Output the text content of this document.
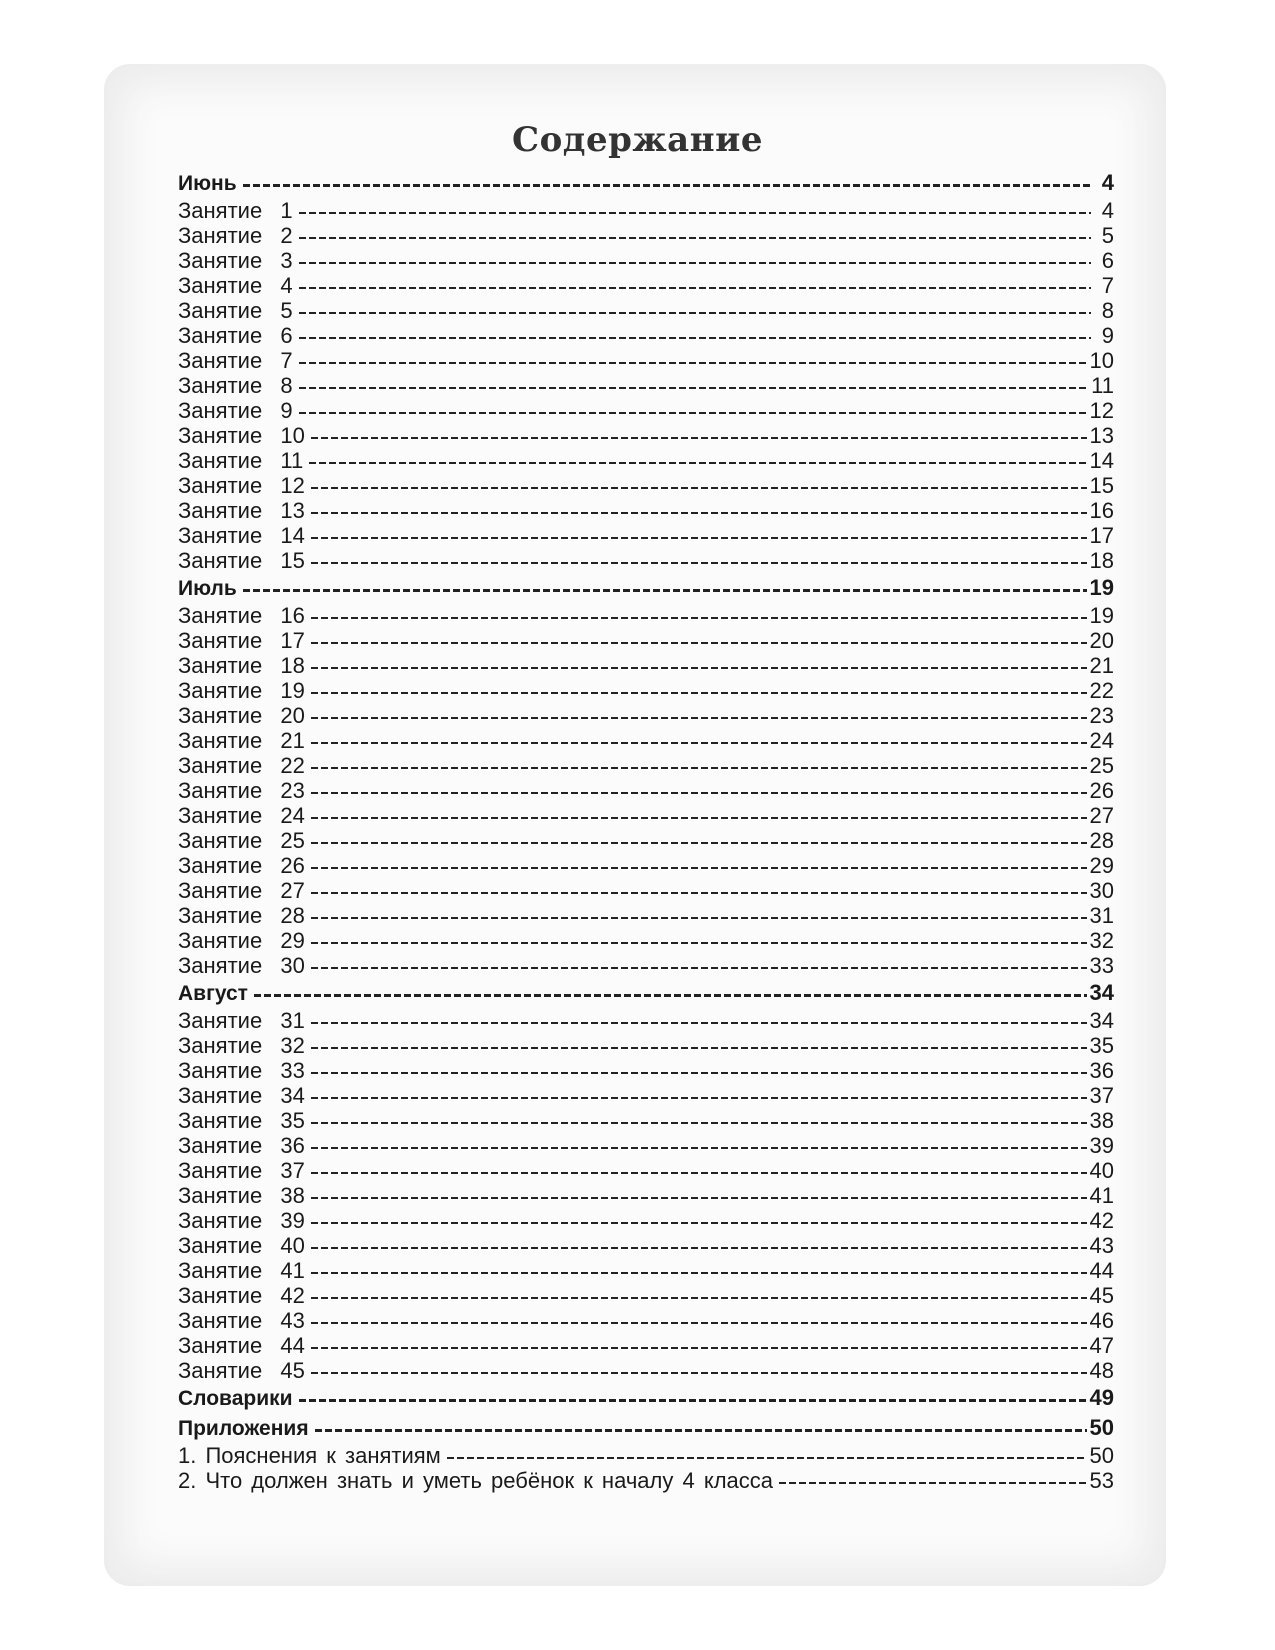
Содержание
Июнь	4
Занятие  1	4
Занятие  2	5
Занятие  3	6
Занятие  4	7
Занятие  5	8
Занятие  6	9
Занятие  7	10
Занятие  8	11
Занятие  9	12
Занятие  10	13
Занятие  11	14
Занятие  12	15
Занятие  13	16
Занятие  14	17
Занятие  15	18
Июль	19
Занятие  16	19
Занятие  17	20
Занятие  18	21
Занятие  19	22
Занятие  20	23
Занятие  21	24
Занятие  22	25
Занятие  23	26
Занятие  24	27
Занятие  25	28
Занятие  26	29
Занятие  27	30
Занятие  28	31
Занятие  29	32
Занятие  30	33
Август	34
Занятие  31	34
Занятие  32	35
Занятие  33	36
Занятие  34	37
Занятие  35	38
Занятие  36	39
Занятие  37	40
Занятие  38	41
Занятие  39	42
Занятие  40	43
Занятие  41	44
Занятие  42	45
Занятие  43	46
Занятие  44	47
Занятие  45	48
Словарики	49
Приложения	50
1. Пояснения к занятиям	50
2. Что должен знать и уметь ребёнок к началу 4 класса	53
